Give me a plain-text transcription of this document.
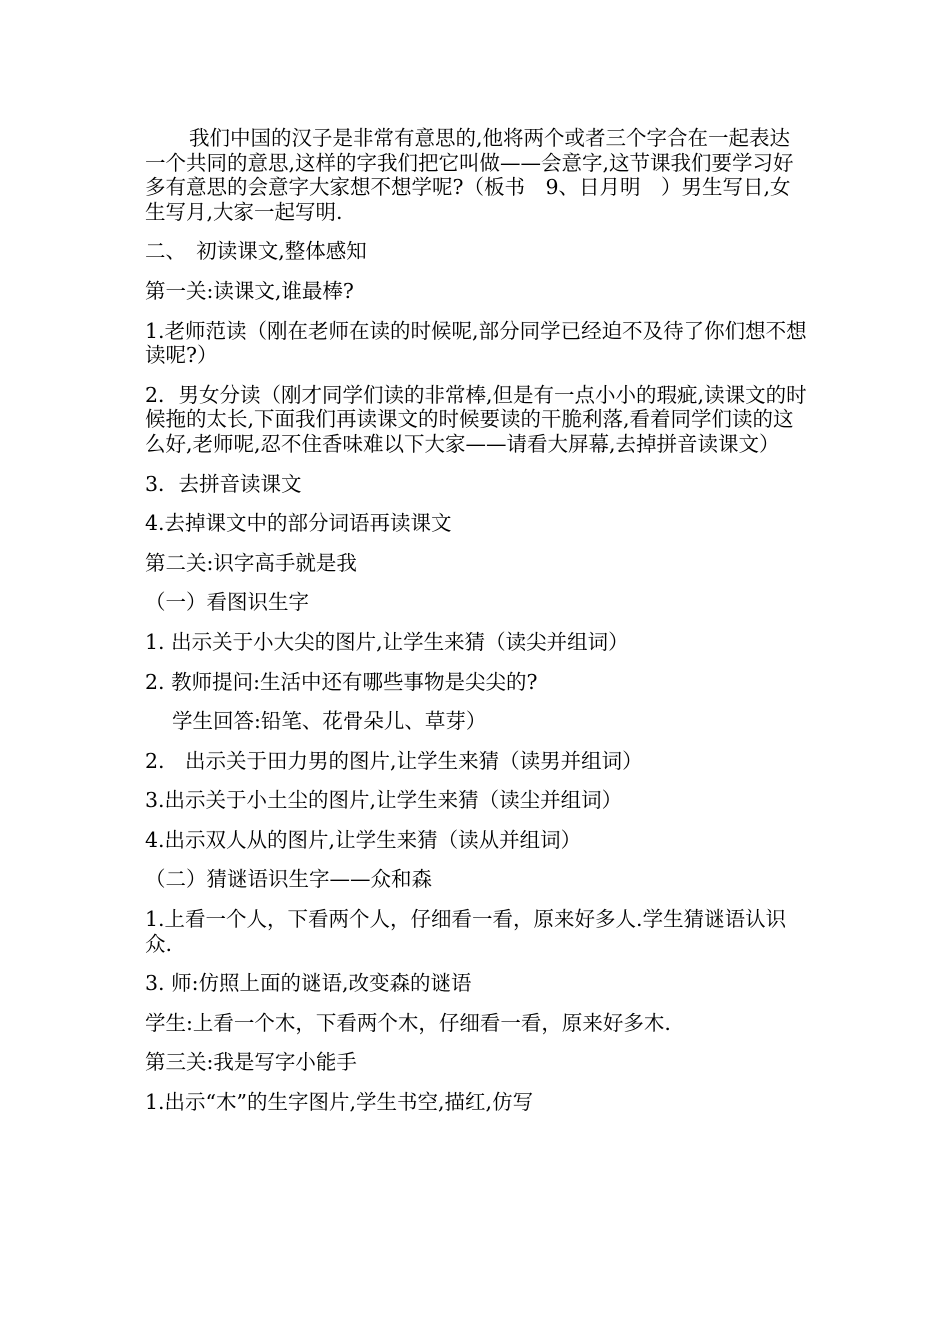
我们中国的汉子是非常有意思的,他将两个或者三个字合在一起表达一个共同的意思,这样的字我们把它叫做——会意字,这节课我们要学习好多有意思的会意字大家想不想学呢?（板书　9、日月明　）男生写日,女生写月,大家一起写明.

二、　初读课文,整体感知

第一关:读课文,谁最棒?

1.老师范读（刚在老师在读的时候呢,部分同学已经迫不及待了你们想不想读呢?）

2．男女分读（刚才同学们读的非常棒,但是有一点小小的瑕疵,读课文的时候拖的太长,下面我们再读课文的时候要读的干脆利落,看着同学们读的这么好,老师呢,忍不住香味难以下大家——请看大屏幕,去掉拼音读课文）

3．去拼音读课文

4.去掉课文中的部分词语再读课文

第二关:识字高手就是我

（一）看图识生字

1. 出示关于小大尖的图片,让学生来猜（读尖并组词）

2. 教师提问:生活中还有哪些事物是尖尖的?

学生回答:铅笔、花骨朵儿、草芽）

2.　出示关于田力男的图片,让学生来猜（读男并组词）

3.出示关于小土尘的图片,让学生来猜（读尘并组词）

4.出示双人从的图片,让学生来猜（读从并组词）

（二）猜谜语识生字——众和森

1.上看一个人，下看两个人，仔细看一看，原来好多人.学生猜谜语认识众.

3. 师:仿照上面的谜语,改变森的谜语

学生:上看一个木，下看两个木，仔细看一看，原来好多木.

第三关:我是写字小能手

1.出示“木”的生字图片,学生书空,描红,仿写
